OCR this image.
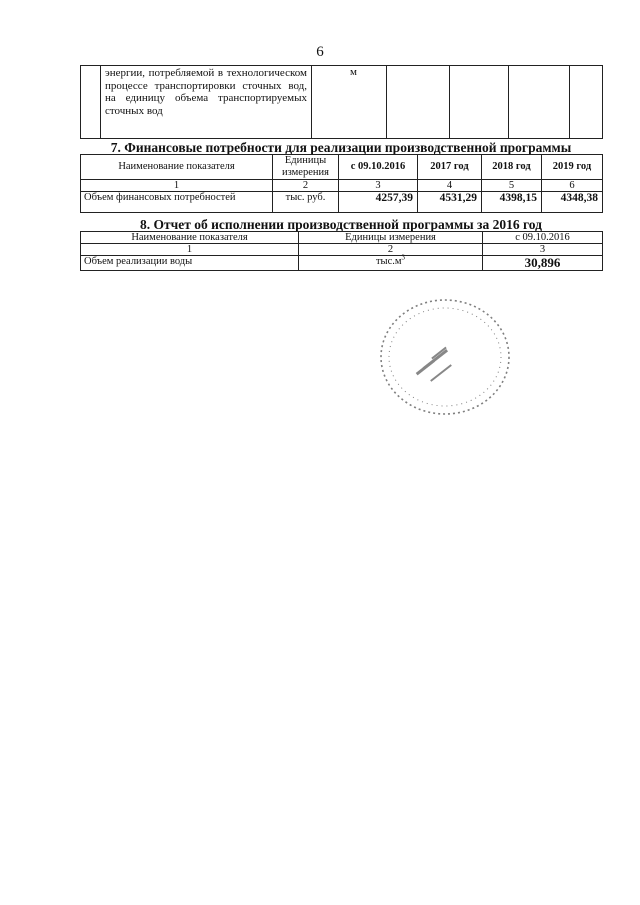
6
	энергии, потребляемой в технологическом процессе транспортировки сточных вод, на единицу объема транспортируемых сточных вод	м				
7. Финансовые потребности для реализации производственной программы
Наименование показателя	Единицы измерения	с 09.10.2016	2017 год	2018 год	2019 год
1	2	3	4	5	6
Объем финансовых потребностей	тыс. руб.	4257,39	4531,29	4398,15	4348,38
8. Отчет об исполнении производственной программы за 2016 год
Наименование показателя	Единицы измерения	с 09.10.2016
1	2	3
Объем реализации воды	$тыс.м^3$	30,896
